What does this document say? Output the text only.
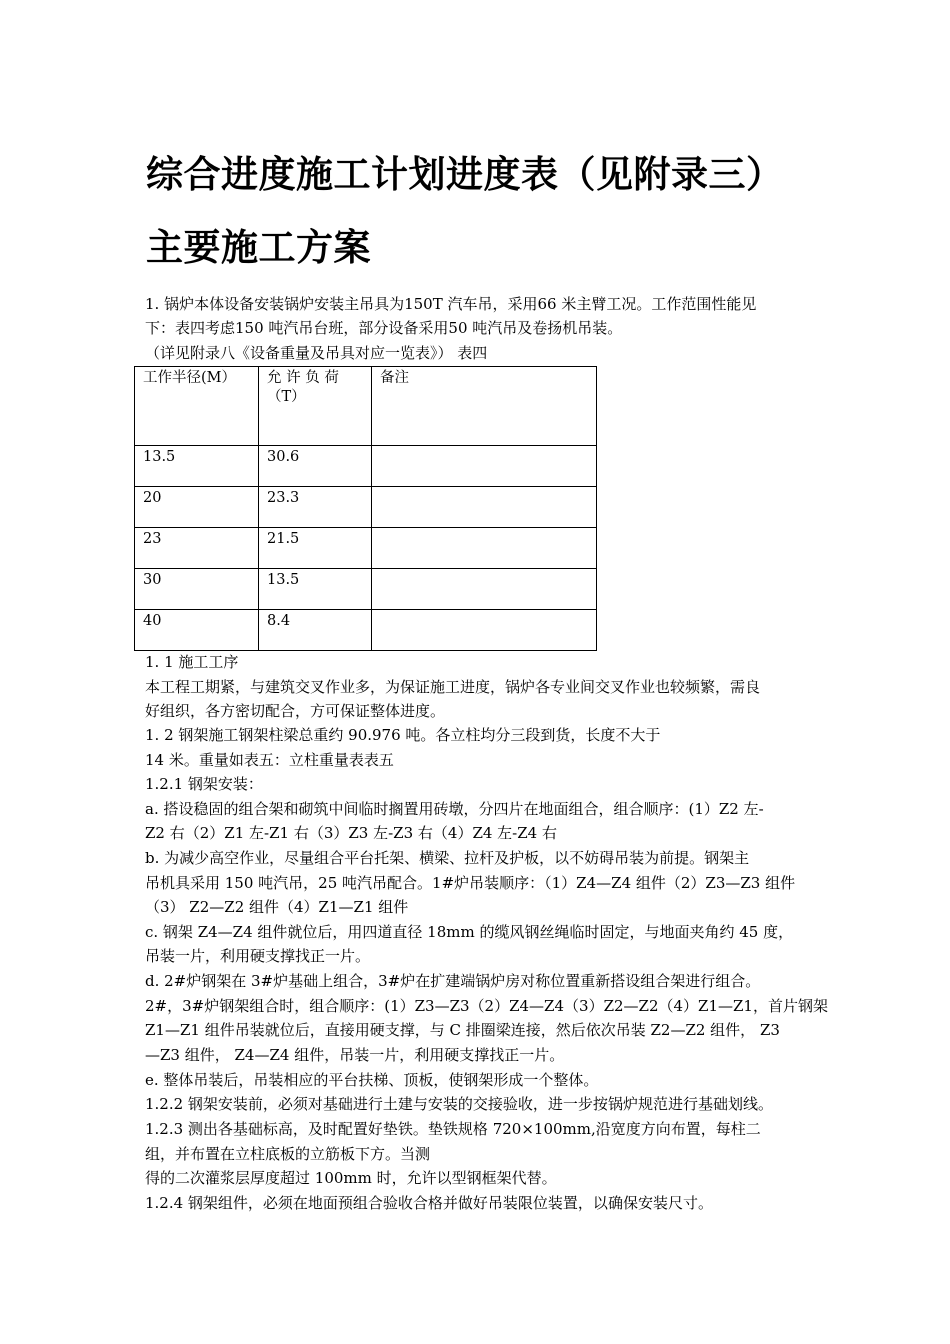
综合进度施工计划进度表（见附录三）
主要施工方案

1. 锅炉本体设备安装锅炉安装主吊具为150T 汽车吊，采用66 米主臂工况。工作范围性能见

下：表四考虑150 吨汽吊台班，部分设备采用50 吨汽吊及卷扬机吊装。

（详见附录八《设备重量及吊具对应一览表》） 表四

工作半径(M）	允 许 负 荷（T）	备注
13.5	30.6	
20	23.3	
23	21.5	
30	13.5	
40	8.4	

1. 1 施工工序

本工程工期紧，与建筑交叉作业多，为保证施工进度，锅炉各专业间交叉作业也较频繁，需良

好组织，各方密切配合，方可保证整体进度。

1. 2 钢架施工钢架柱梁总重约 90.976 吨。各立柱均分三段到货，长度不大于

14 米。重量如表五：立柱重量表表五

1.2.1 钢架安装：

a. 搭设稳固的组合架和砌筑中间临时搁置用砖墩，分四片在地面组合，组合顺序：(1）Z2 左-

Z2 右（2）Z1 左-Z1 右（3）Z3 左-Z3 右（4）Z4 左-Z4 右

b. 为减少高空作业，尽量组合平台托架、横梁、拉杆及护板，以不妨碍吊装为前提。钢架主

吊机具采用 150 吨汽吊，25 吨汽吊配合。1#炉吊装顺序：（1）Z4—Z4 组件（2）Z3—Z3 组件

（3） Z2—Z2 组件（4）Z1—Z1 组件

c. 钢架 Z4—Z4 组件就位后，用四道直径 18mm 的缆风钢丝绳临时固定，与地面夹角约 45 度，

吊装一片，利用硬支撑找正一片。

d. 2#炉钢架在 3#炉基础上组合，3#炉在扩建端锅炉房对称位置重新搭设组合架进行组合。

2#，3#炉钢架组合时，组合顺序：(1）Z3—Z3（2）Z4—Z4（3）Z2—Z2（4）Z1—Z1，首片钢架

Z1—Z1 组件吊装就位后，直接用硬支撑，与 C 排圈梁连接，然后依次吊装 Z2—Z2 组件， Z3

—Z3 组件， Z4—Z4 组件，吊装一片，利用硬支撑找正一片。

e. 整体吊装后，吊装相应的平台扶梯、顶板，使钢架形成一个整体。

1.2.2 钢架安装前，必须对基础进行土建与安装的交接验收，进一步按锅炉规范进行基础划线。

1.2.3 测出各基础标高，及时配置好垫铁。垫铁规格 720×100mm,沿宽度方向布置，每柱二

组，并布置在立柱底板的立筋板下方。当测

得的二次灌浆层厚度超过 100mm 时，允许以型钢框架代替。

1.2.4 钢架组件，必须在地面预组合验收合格并做好吊装限位装置，以确保安装尺寸。
